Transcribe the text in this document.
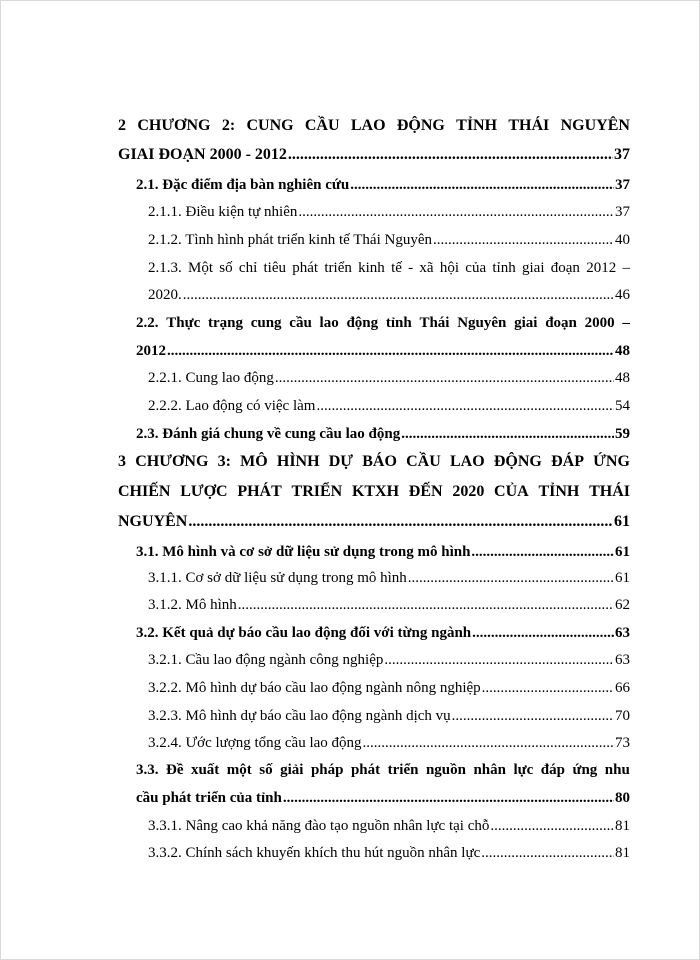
2 CHƯƠNG 2: CUNG CẦU LAO ĐỘNG TỈNH THÁI NGUYÊN
GIAI ĐOẠN 2000 - 2012 .....	37
2.1. Đặc điểm địa bàn nghiên cứu .....	37
2.1.1. Điều kiện tự nhiên .....	37
2.1.2. Tình hình phát triển kinh tế Thái Nguyên .....	40
2.1.3. Một số chỉ tiêu phát triển kinh tế - xã hội của tỉnh giai đoạn 2012 –
2020. .....	46
2.2. Thực trạng cung cầu lao động tỉnh Thái Nguyên giai đoạn 2000 –
2012 .....	48
2.2.1. Cung lao động .....	48
2.2.2. Lao động có việc làm .....	54
2.3. Đánh giá chung về cung cầu lao động .....	59
3 CHƯƠNG 3: MÔ HÌNH DỰ BÁO CẦU LAO ĐỘNG ĐÁP ỨNG
CHIẾN LƯỢC PHÁT TRIỂN KTXH ĐẾN 2020 CỦA TỈNH THÁI
NGUYÊN .....	61
3.1. Mô hình và cơ sở dữ liệu sử dụng trong mô hình .....	61
3.1.1. Cơ sở dữ liệu sử dụng trong mô hình .....	61
3.1.2. Mô hình .....	62
3.2. Kết quả dự báo cầu lao động đối với từng ngành .....	63
3.2.1. Cầu lao động ngành công nghiệp .....	63
3.2.2. Mô hình dự báo cầu lao động ngành nông nghiệp .....	66
3.2.3. Mô hình dự báo cầu lao động ngành dịch vụ .....	70
3.2.4. Ước lượng tổng cầu lao động .....	73
3.3. Đề xuất một số giải pháp phát triển nguồn nhân lực đáp ứng nhu
cầu phát triển của tỉnh .....	80
3.3.1. Nâng cao khả năng đào tạo nguồn nhân lực tại chỗ .....	81
3.3.2. Chính sách khuyến khích thu hút nguồn nhân lực .....	81
